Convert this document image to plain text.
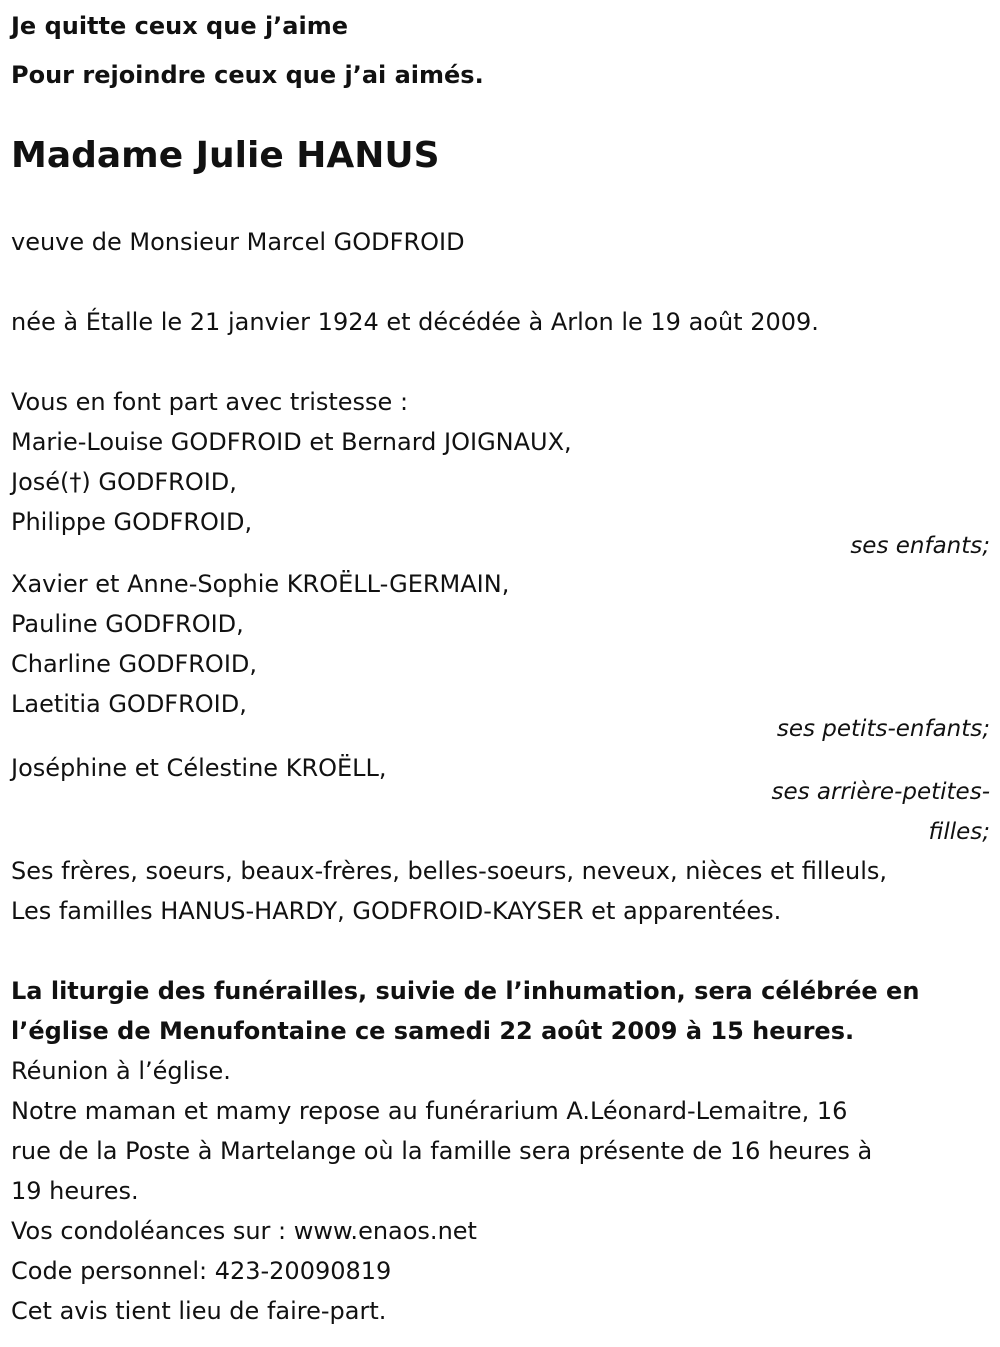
Je quitte ceux que j’aime

Pour rejoindre ceux que j’ai aimés.

Madame Julie HANUS

veuve de Monsieur Marcel GODFROID

née à Étalle le 21 janvier 1924 et décédée à Arlon le 19 août 2009.

Vous en font part avec tristesse :

Marie-Louise GODFROID et Bernard JOIGNAUX,

José(†) GODFROID,

Philippe GODFROID,

ses enfants;

Xavier et Anne-Sophie KROËLL-GERMAIN,

Pauline GODFROID,

Charline GODFROID,

Laetitia GODFROID,

ses petits-enfants;

Joséphine et Célestine KROËLL,

ses arrière-petites-

filles;

Ses frères, soeurs, beaux-frères, belles-soeurs, neveux, nièces et filleuls,

Les familles HANUS-HARDY, GODFROID-KAYSER et apparentées.

La liturgie des funérailles, suivie de l’inhumation, sera célébrée en

l’église de Menufontaine ce samedi 22 août 2009 à 15 heures.

Réunion à l’église.

Notre maman et mamy repose au funérarium A.Léonard-Lemaitre, 16

rue de la Poste à Martelange où la famille sera présente de 16 heures à

19 heures.

Vos condoléances sur : www.enaos.net

Code personnel: 423-20090819

Cet avis tient lieu de faire-part.
